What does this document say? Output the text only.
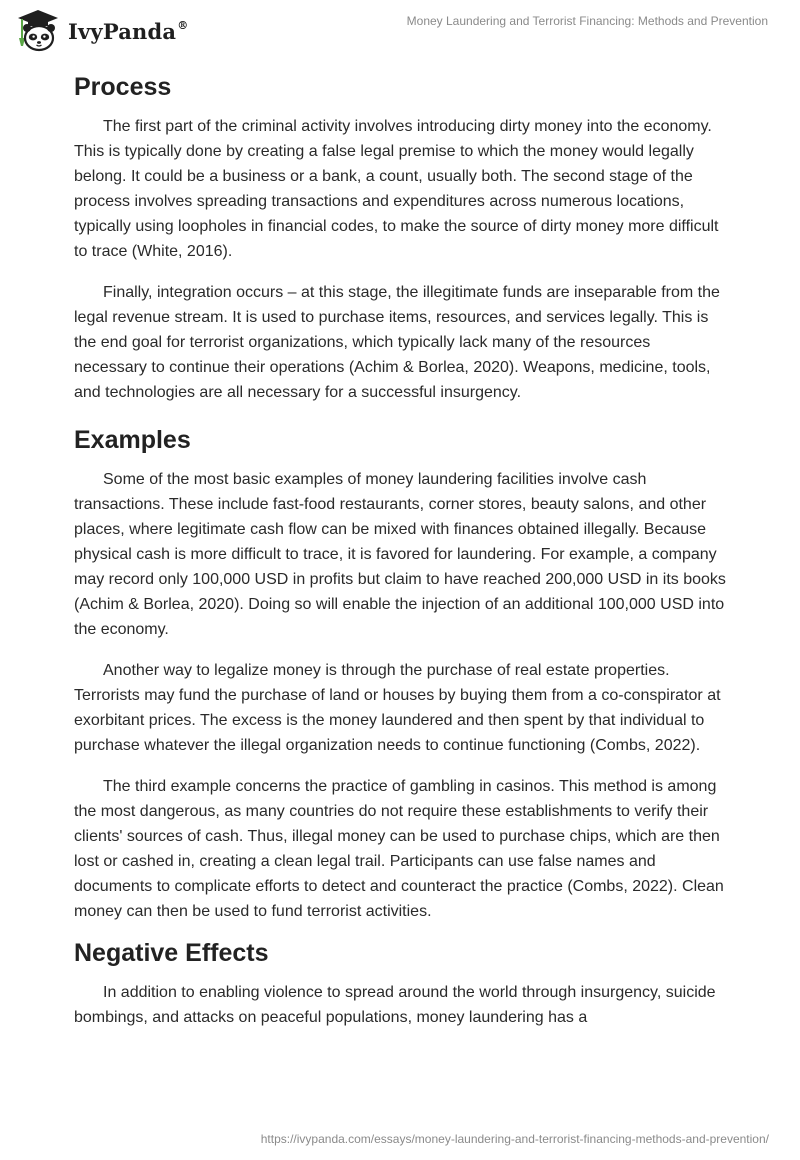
IvyPanda®	Money Laundering and Terrorist Financing: Methods and Prevention
Process

The first part of the criminal activity involves introducing dirty money into the economy. This is typically done by creating a false legal premise to which the money would legally belong. It could be a business or a bank, a count, usually both. The second stage of the process involves spreading transactions and expenditures across numerous locations, typically using loopholes in financial codes, to make the source of dirty money more difficult to trace (White, 2016).

Finally, integration occurs – at this stage, the illegitimate funds are inseparable from the legal revenue stream. It is used to purchase items, resources, and services legally. This is the end goal for terrorist organizations, which typically lack many of the resources necessary to continue their operations (Achim & Borlea, 2020). Weapons, medicine, tools, and technologies are all necessary for a successful insurgency.

Examples

Some of the most basic examples of money laundering facilities involve cash transactions. These include fast-food restaurants, corner stores, beauty salons, and other places, where legitimate cash flow can be mixed with finances obtained illegally. Because physical cash is more difficult to trace, it is favored for laundering. For example, a company may record only 100,000 USD in profits but claim to have reached 200,000 USD in its books (Achim & Borlea, 2020). Doing so will enable the injection of an additional 100,000 USD into the economy.

Another way to legalize money is through the purchase of real estate properties. Terrorists may fund the purchase of land or houses by buying them from a co-conspirator at exorbitant prices. The excess is the money laundered and then spent by that individual to purchase whatever the illegal organization needs to continue functioning (Combs, 2022).

The third example concerns the practice of gambling in casinos. This method is among the most dangerous, as many countries do not require these establishments to verify their clients' sources of cash. Thus, illegal money can be used to purchase chips, which are then lost or cashed in, creating a clean legal trail. Participants can use false names and documents to complicate efforts to detect and counteract the practice (Combs, 2022). Clean money can then be used to fund terrorist activities.

Negative Effects

In addition to enabling violence to spread around the world through insurgency, suicide bombings, and attacks on peaceful populations, money laundering has a

https://ivypanda.com/essays/money-laundering-and-terrorist-financing-methods-and-prevention/
